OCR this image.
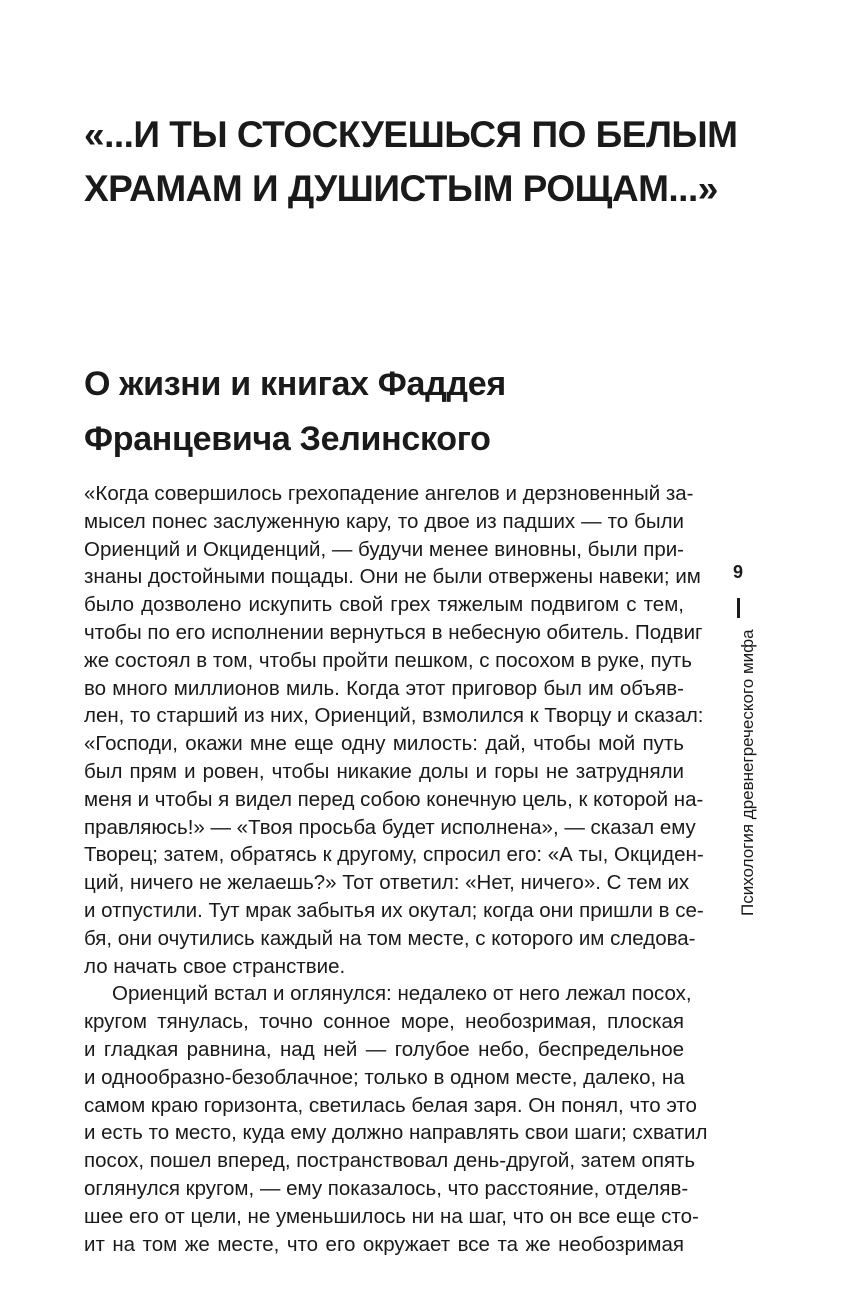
«...И ТЫ СТОСКУЕШЬСЯ ПО БЕЛЫМ
ХРАМАМ И ДУШИСТЫМ РОЩАМ...»
О жизни и книгах Фаддея
Францевича Зелинского
«Когда совершилось грехопадение ангелов и дерзновенный за-
мысел понес заслуженную кару, то двое из падших — то были
Ориенций и Окциденций, — будучи менее виновны, были при-
знаны достойными пощады. Они не были отвержены навеки; им
было дозволено искупить свой грех тяжелым подвигом с тем,
чтобы по его исполнении вернуться в небесную обитель. Подвиг
же состоял в том, чтобы пройти пешком, с посохом в руке, путь
во много миллионов миль. Когда этот приговор был им объяв-
лен, то старший из них, Ориенций, взмолился к Творцу и сказал:
«Господи, окажи мне еще одну милость: дай, чтобы мой путь
был прям и ровен, чтобы никакие долы и горы не затрудняли
меня и чтобы я видел перед собою конечную цель, к которой на-
правляюсь!» — «Твоя просьба будет исполнена», — сказал ему
Творец; затем, обратясь к другому, спросил его: «А ты, Окциден-
ций, ничего не желаешь?» Тот ответил: «Нет, ничего». С тем их
и отпустили. Тут мрак забытья их окутал; когда они пришли в се-
бя, они очутились каждый на том месте, с которого им следова-
ло начать свое странствие.
Ориенций встал и оглянулся: недалеко от него лежал посох,
кругом тянулась, точно сонное море, необозримая, плоская
и гладкая равнина, над ней — голубое небо, беспредельное
и однообразно-безоблачное; только в одном месте, далеко, на
самом краю горизонта, светилась белая заря. Он понял, что это
и есть то место, куда ему должно направлять свои шаги; схватил
посох, пошел вперед, постранствовал день-другой, затем опять
оглянулся кругом, — ему показалось, что расстояние, отделяв-
шее его от цели, не уменьшилось ни на шаг, что он все еще сто-
ит на том же месте, что его окружает все та же необозримая
9
Психология древнегреческого мифа
